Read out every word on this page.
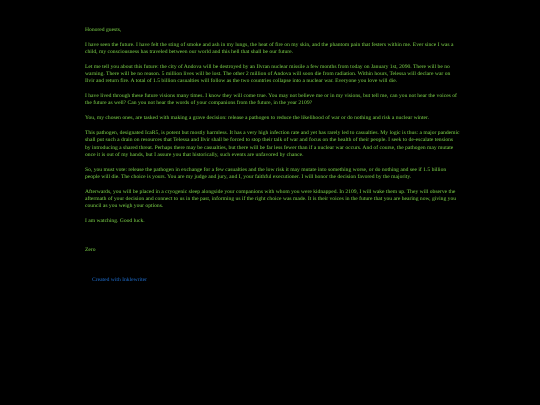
Honored guests,

I have seen the future. I have felt the sting of smoke and ash in my lungs, the heat of fire on my skin, and the phantom pain that festers within me. Ever since I was a child, my consciousness has traveled between our world and this hell that shall be our future.

Let me tell you about this future: the city of Andova will be destroyed by an Ilvran nuclear missile a few months from today on January 1st, 2090. There will be no warning. There will be no reason. 5 million lives will be lost. The other 2 million of Andova will soon die from radiation. Within hours, Telessa will declare war on Ilvir and return fire. A total of 1.5 billion casualties will follow as the two countries collapse into a nuclear war. Everyone you love will die.

I have lived through these future visions many times. I know they will come true. You may not believe me or in my visions, but tell me, can you not hear the voices of the future as well? Can you not hear the words of your companions from the future, in the year 2109?

You, my chosen ones, are tasked with making a grave decision: release a pathogen to reduce the likelihood of war or do nothing and risk a nuclear winter.

This pathogen, designated IcaR5, is potent but mostly harmless. It has a very high infection rate and yet has rarely led to casualties. My logic is thus: a major pandemic shall put such a drain on resources that Telessa and Ilvir shall be forced to stop their talk of war and focus on the health of their people. I seek to de-escalate tensions by introducing a shared threat. Perhaps there may be casualties, but there will be far less fewer than if a nuclear war occurs. And of course, the pathogen may mutate once it is out of my hands, but I assure you that historically, such events are unfavored by chance.

So, you must vote: release the pathogen in exchange for a few casualties and the low risk it may mutate into something worse, or do nothing and see if 1.5 billion people will die. The choice is yours. You are my judge and jury, and I, your faithful executioner. I will honor the decision favored by the majority.

Afterwards, you will be placed in a cryogenic sleep alongside your companions with whom you were kidnapped. In 2109, I will wake them up. They will observe the aftermath of your decision and connect to us in the past, informing us if the right choice was made. It is their voices in the future that you are hearing now, giving you council as you weigh your options.

I am watching. Good luck.

Zero

Created with Inklewriter
